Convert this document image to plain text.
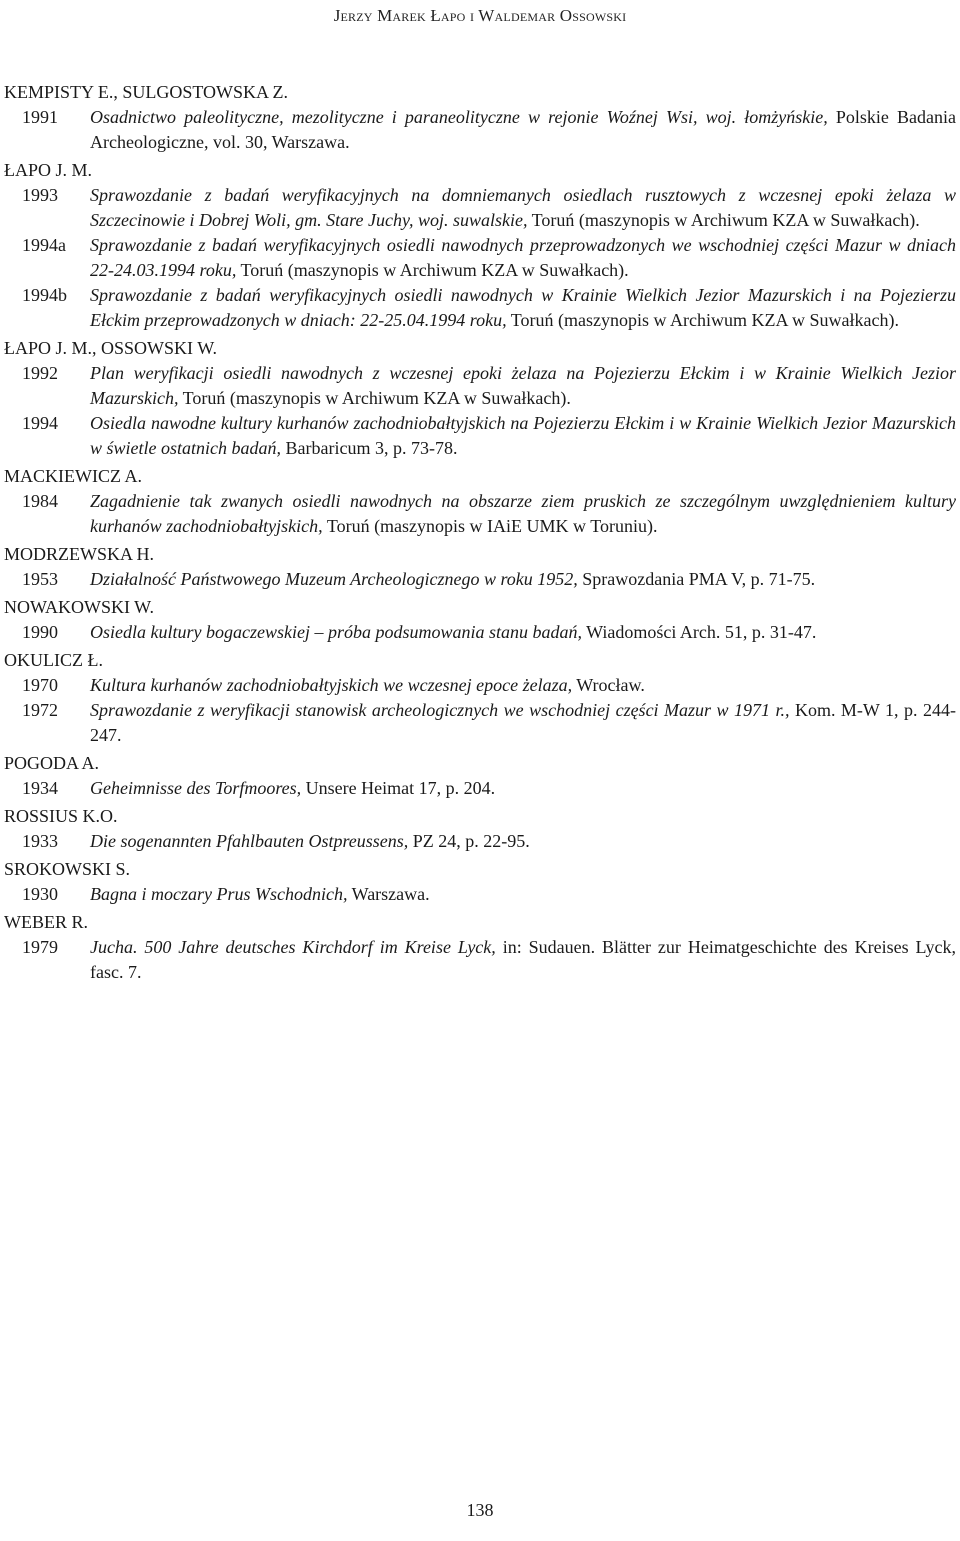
Jerzy Marek Łapo i Waldemar Ossowski
KEMPISTY E., SULGOSTOWSKA Z.
1991	Osadnictwo paleolityczne, mezolityczne i paraneolityczne w rejonie Woźnej Wsi, woj. łomżyńskie, Polskie Badania Archeologiczne, vol. 30, Warszawa.
ŁAPO J. M.
1993	Sprawozdanie z badań weryfikacyjnych na domniemanych osiedlach rusztowych z wczesnej epoki żelaza w Szczecinowie i Dobrej Woli, gm. Stare Juchy, woj. suwalskie, Toruń (maszynopis w Archiwum KZA w Suwałkach).
1994a	Sprawozdanie z badań weryfikacyjnych osiedli nawodnych przeprowadzonych we wschodniej części Mazur w dniach 22-24.03.1994 roku, Toruń (maszynopis w Archiwum KZA w Suwałkach).
1994b	Sprawozdanie z badań weryfikacyjnych osiedli nawodnych w Krainie Wielkich Jezior Mazurskich i na Pojezierzu Ełckim przeprowadzonych w dniach: 22-25.04.1994 roku, Toruń (maszynopis w Archiwum KZA w Suwałkach).
ŁAPO J. M., OSSOWSKI W.
1992	Plan weryfikacji osiedli nawodnych z wczesnej epoki żelaza na Pojezierzu Ełckim i w Krainie Wielkich Jezior Mazurskich, Toruń (maszynopis w Archiwum KZA w Suwałkach).
1994	Osiedla nawodne kultury kurhanów zachodniobałtyjskich na Pojezierzu Ełckim i w Krainie Wielkich Jezior Mazurskich w świetle ostatnich badań, Barbaricum 3, p. 73-78.
MACKIEWICZ A.
1984	Zagadnienie tak zwanych osiedli nawodnych na obszarze ziem pruskich ze szczególnym uwzględnieniem kultury kurhanów zachodniobałtyjskich, Toruń (maszynopis w IAiE UMK w Toruniu).
MODRZEWSKA H.
1953	Działalność Państwowego Muzeum Archeologicznego w roku 1952, Sprawozdania PMA V, p. 71-75.
NOWAKOWSKI W.
1990	Osiedla kultury bogaczewskiej – próba podsumowania stanu badań, Wiadomości Arch. 51, p. 31-47.
OKULICZ Ł.
1970	Kultura kurhanów zachodniobałtyjskich we wczesnej epoce żelaza, Wrocław.
1972	Sprawozdanie z weryfikacji stanowisk archeologicznych we wschodniej części Mazur w 1971 r., Kom. M-W 1, p. 244-247.
POGODA A.
1934	Geheimnisse des Torfmoores, Unsere Heimat 17, p. 204.
ROSSIUS K.O.
1933	Die sogenannten Pfahlbauten Ostpreussens, PZ 24, p. 22-95.
SROKOWSKI S.
1930	Bagna i moczary Prus Wschodnich, Warszawa.
WEBER R.
1979	Jucha. 500 Jahre deutsches Kirchdorf im Kreise Lyck, in: Sudauen. Blätter zur Heimatgeschichte des Kreises Lyck, fasc. 7.
138
